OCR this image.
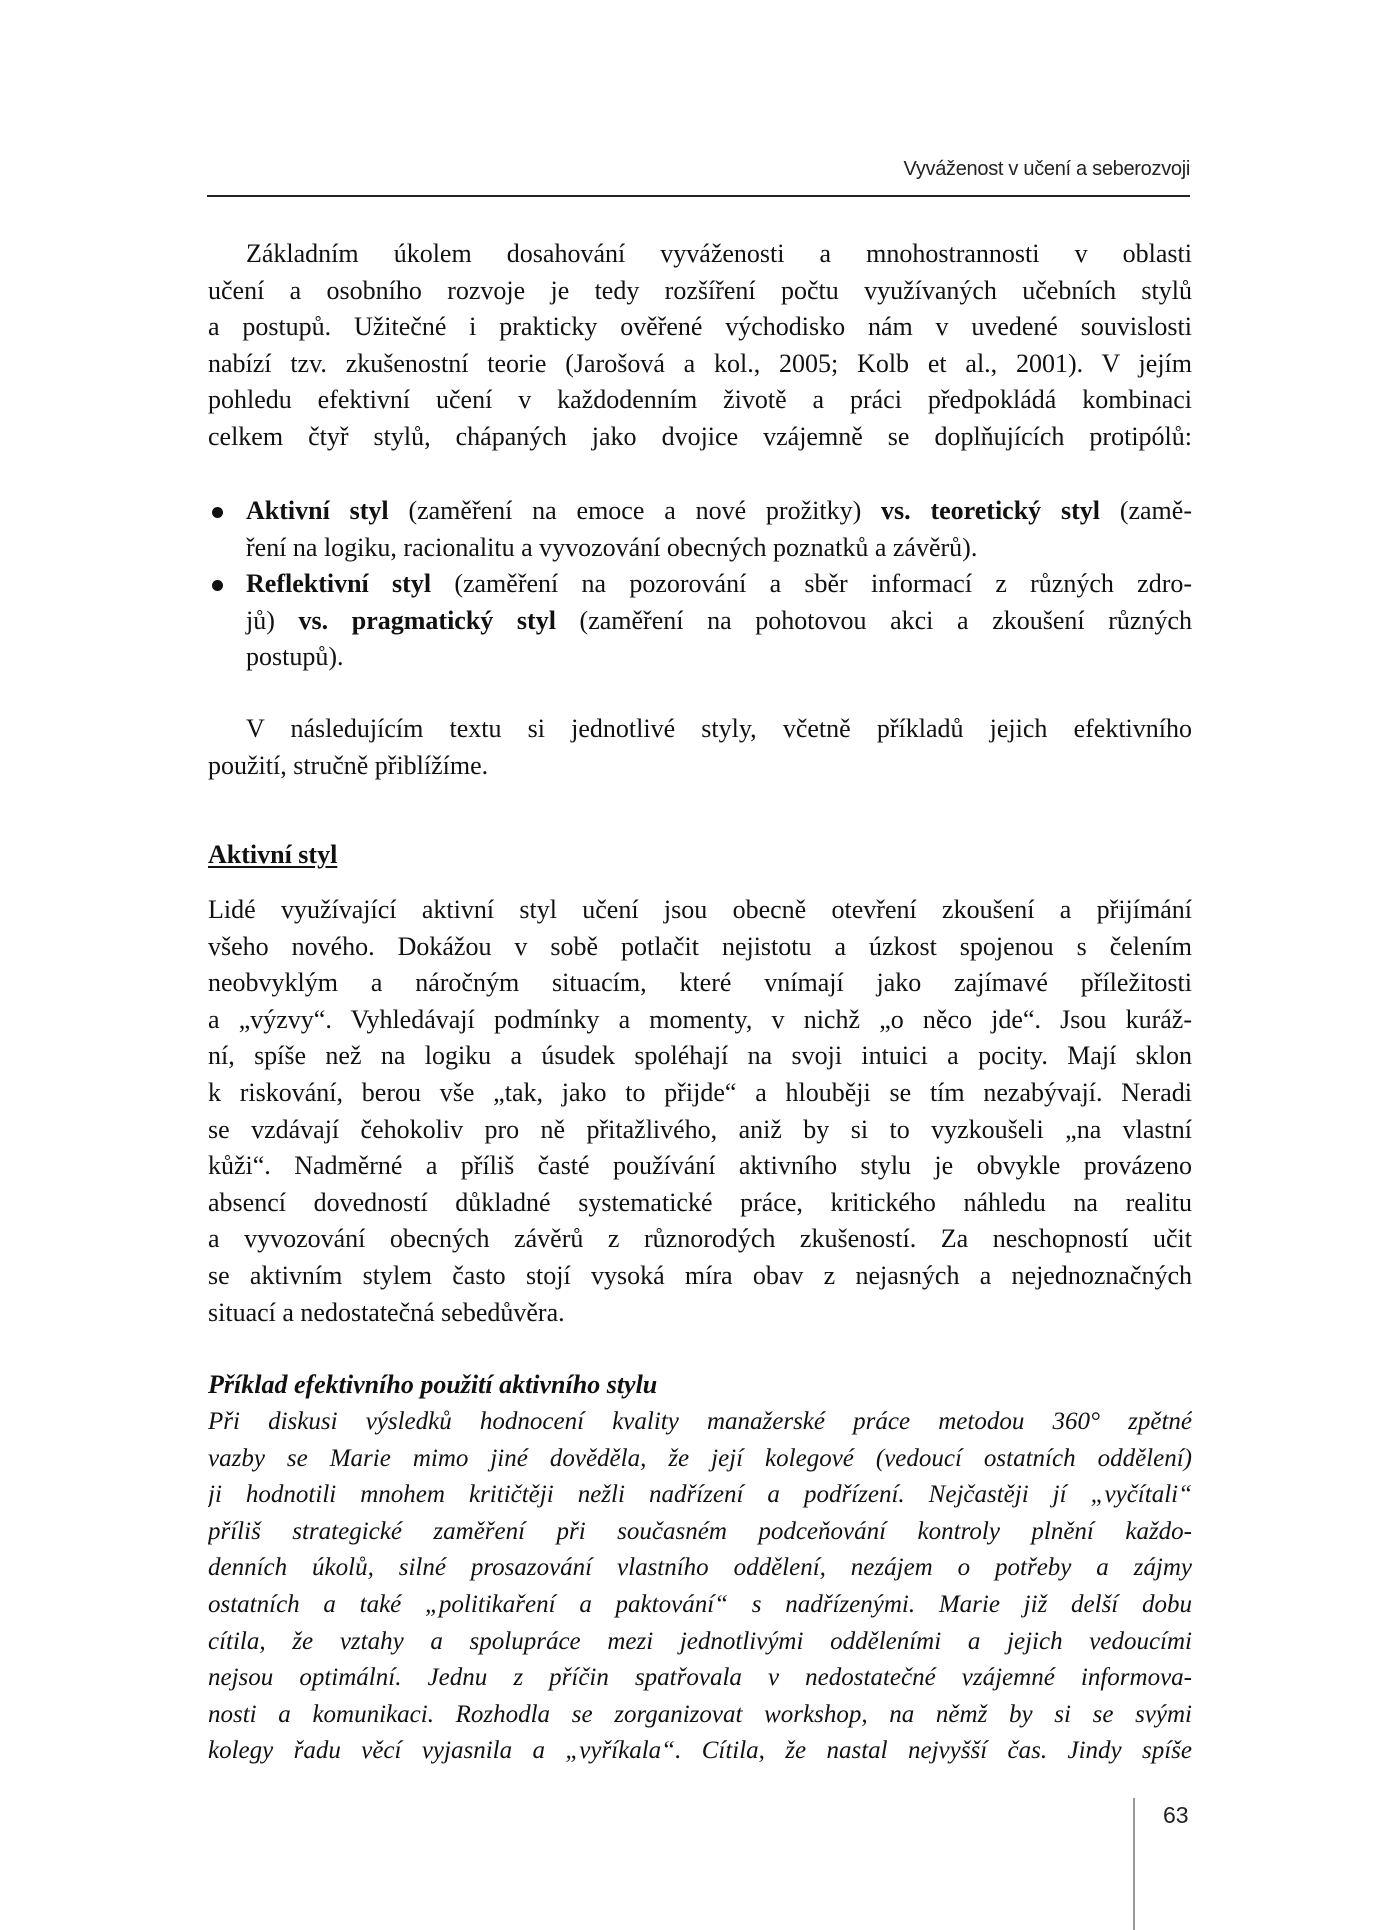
Vyváženost v učení a seberozvoji
Základním úkolem dosahování vyváženosti a mnohostrannosti v oblasti
učení a osobního rozvoje je tedy rozšíření počtu využívaných učebních stylů
a postupů. Užitečné i prakticky ověřené východisko nám v uvedené souvislosti
nabízí tzv. zkušenostní teorie (Jarošová a kol., 2005; Kolb et al., 2001). V jejím
pohledu efektivní učení v každodenním životě a práci předpokládá kombinaci
celkem čtyř stylů, chápaných jako dvojice vzájemně se doplňujících protipólů:
Aktivní styl (zaměření na emoce a nové prožitky) vs. teoretický styl (zamě-
ření na logiku, racionalitu a vyvozování obecných poznatků a závěrů).
Reflektivní styl (zaměření na pozorování a sběr informací z různých zdro-
jů) vs. pragmatický styl (zaměření na pohotovou akci a zkoušení různých
postupů).
V následujícím textu si jednotlivé styly, včetně příkladů jejich efektivního
použití, stručně přiblížíme.
Aktivní styl
Lidé využívající aktivní styl učení jsou obecně otevření zkoušení a přijímání
všeho nového. Dokážou v sobě potlačit nejistotu a úzkost spojenou s čelením
neobvyklým a náročným situacím, které vnímají jako zajímavé příležitosti
a „výzvy“. Vyhledávají podmínky a momenty, v nichž „o něco jde“. Jsou kuráž-
ní, spíše než na logiku a úsudek spoléhají na svoji intuici a pocity. Mají sklon
k riskování, berou vše „tak, jako to přijde“ a hlouběji se tím nezabývají. Neradi
se vzdávají čehokoliv pro ně přitažlivého, aniž by si to vyzkoušeli „na vlastní
kůži“. Nadměrné a příliš časté používání aktivního stylu je obvykle provázeno
absencí dovedností důkladné systematické práce, kritického náhledu na realitu
a vyvozování obecných závěrů z různorodých zkušeností. Za neschopností učit
se aktivním stylem často stojí vysoká míra obav z nejasných a nejednoznačných
situací a nedostatečná sebedůvěra.
Příklad efektivního použití aktivního stylu
Při diskusi výsledků hodnocení kvality manažerské práce metodou 360° zpětné
vazby se Marie mimo jiné dověděla, že její kolegové (vedoucí ostatních oddělení)
ji hodnotili mnohem kritičtěji nežli nadřízení a podřízení. Nejčastěji jí „vyčítali“
příliš strategické zaměření při současném podceňování kontroly plnění každo-
denních úkolů, silné prosazování vlastního oddělení, nezájem o potřeby a zájmy
ostatních a také „politikaření a paktování“ s nadřízenými. Marie již delší dobu
cítila, že vztahy a spolupráce mezi jednotlivými odděleními a jejich vedoucími
nejsou optimální. Jednu z příčin spatřovala v nedostatečné vzájemné informova-
nosti a komunikaci. Rozhodla se zorganizovat workshop, na němž by si se svými
kolegy řadu věcí vyjasnila a „vyříkala“. Cítila, že nastal nejvyšší čas. Jindy spíše
63
